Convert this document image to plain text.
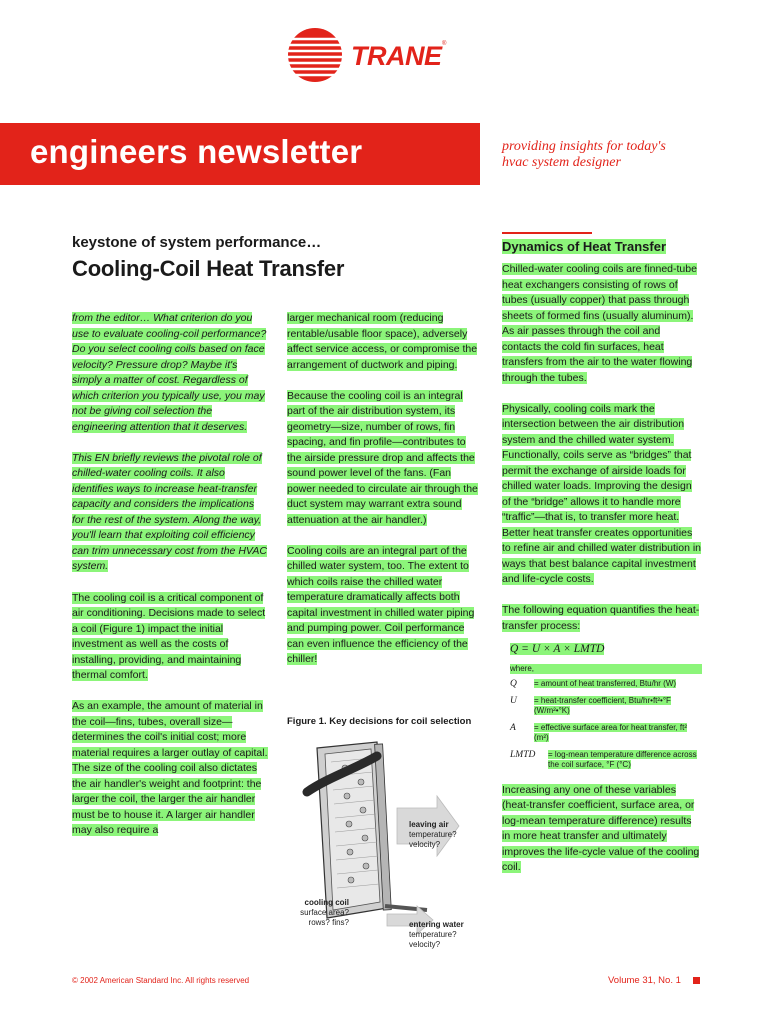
TRANE ®
engineers newsletter	providing insights for today's
hvac system designer
keystone of system performance…
Cooling-Coil Heat Transfer

from the editor… What criterion do you use to evaluate cooling-coil performance? Do you select cooling coils based on face velocity? Pressure drop? Maybe it's simply a matter of cost. Regardless of which criterion you typically use, you may not be giving coil selection the engineering attention that it deserves.

This EN briefly reviews the pivotal role of chilled-water cooling coils. It also identifies ways to increase heat-transfer capacity and considers the implications for the rest of the system. Along the way, you'll learn that exploiting coil efficiency can trim unnecessary cost from the HVAC system.

The cooling coil is a critical component of air conditioning. Decisions made to select a coil (Figure 1) impact the initial investment as well as the costs of installing, providing, and maintaining thermal comfort.

As an example, the amount of material in the coil—fins, tubes, overall size—determines the coil's initial cost; more material requires a larger outlay of capital. The size of the cooling coil also dictates the air handler's weight and footprint: the larger the coil, the larger the air handler must be to house it. A larger air handler may also require a

larger mechanical room (reducing rentable/usable floor space), adversely affect service access, or compromise the arrangement of ductwork and piping.

Because the cooling coil is an integral part of the air distribution system, its geometry—size, number of rows, fin spacing, and fin profile—contributes to the airside pressure drop and affects the sound power level of the fans. (Fan power needed to circulate air through the duct system may warrant extra sound attenuation at the air handler.)

Cooling coils are an integral part of the chilled water system, too. The extent to which coils raise the chilled water temperature dramatically affects both capital investment in chilled water piping and pumping power. Coil performance can even influence the efficiency of the chiller!

Figure 1. Key decisions for coil selection
leaving air
temperature? velocity?
cooling coil
surface area? rows? fins?	entering water
temperature? velocity?
Dynamics of Heat Transfer

Chilled-water cooling coils are finned-tube heat exchangers consisting of rows of tubes (usually copper) that pass through sheets of formed fins (usually aluminum). As air passes through the coil and contacts the cold fin surfaces, heat transfers from the air to the water flowing through the tubes.

Physically, cooling coils mark the intersection between the air distribution system and the chilled water system. Functionally, coils serve as “bridges” that permit the exchange of airside loads for chilled water loads. Improving the design of the “bridge” allows it to handle more “traffic”—that is, to transfer more heat. Better heat transfer creates opportunities to refine air and chilled water distribution in ways that best balance capital investment and life-cycle costs.

The following equation quantifies the heat-transfer process:

Q = U × A × LMTD
where,
Q	= amount of heat transferred, Btu/hr (W)
U	= heat-transfer coefficient, Btu/hr•ft²•°F (W/m²•°K)
A	= effective surface area for heat transfer, ft² (m²)
LMTD	= log-mean temperature difference across the coil surface, °F (°C)

Increasing any one of these variables (heat-transfer coefficient, surface area, or log-mean temperature difference) results in more heat transfer and ultimately improves the life-cycle value of the cooling coil.

© 2002 American Standard Inc. All rights reserved	Volume 31, No. 1
